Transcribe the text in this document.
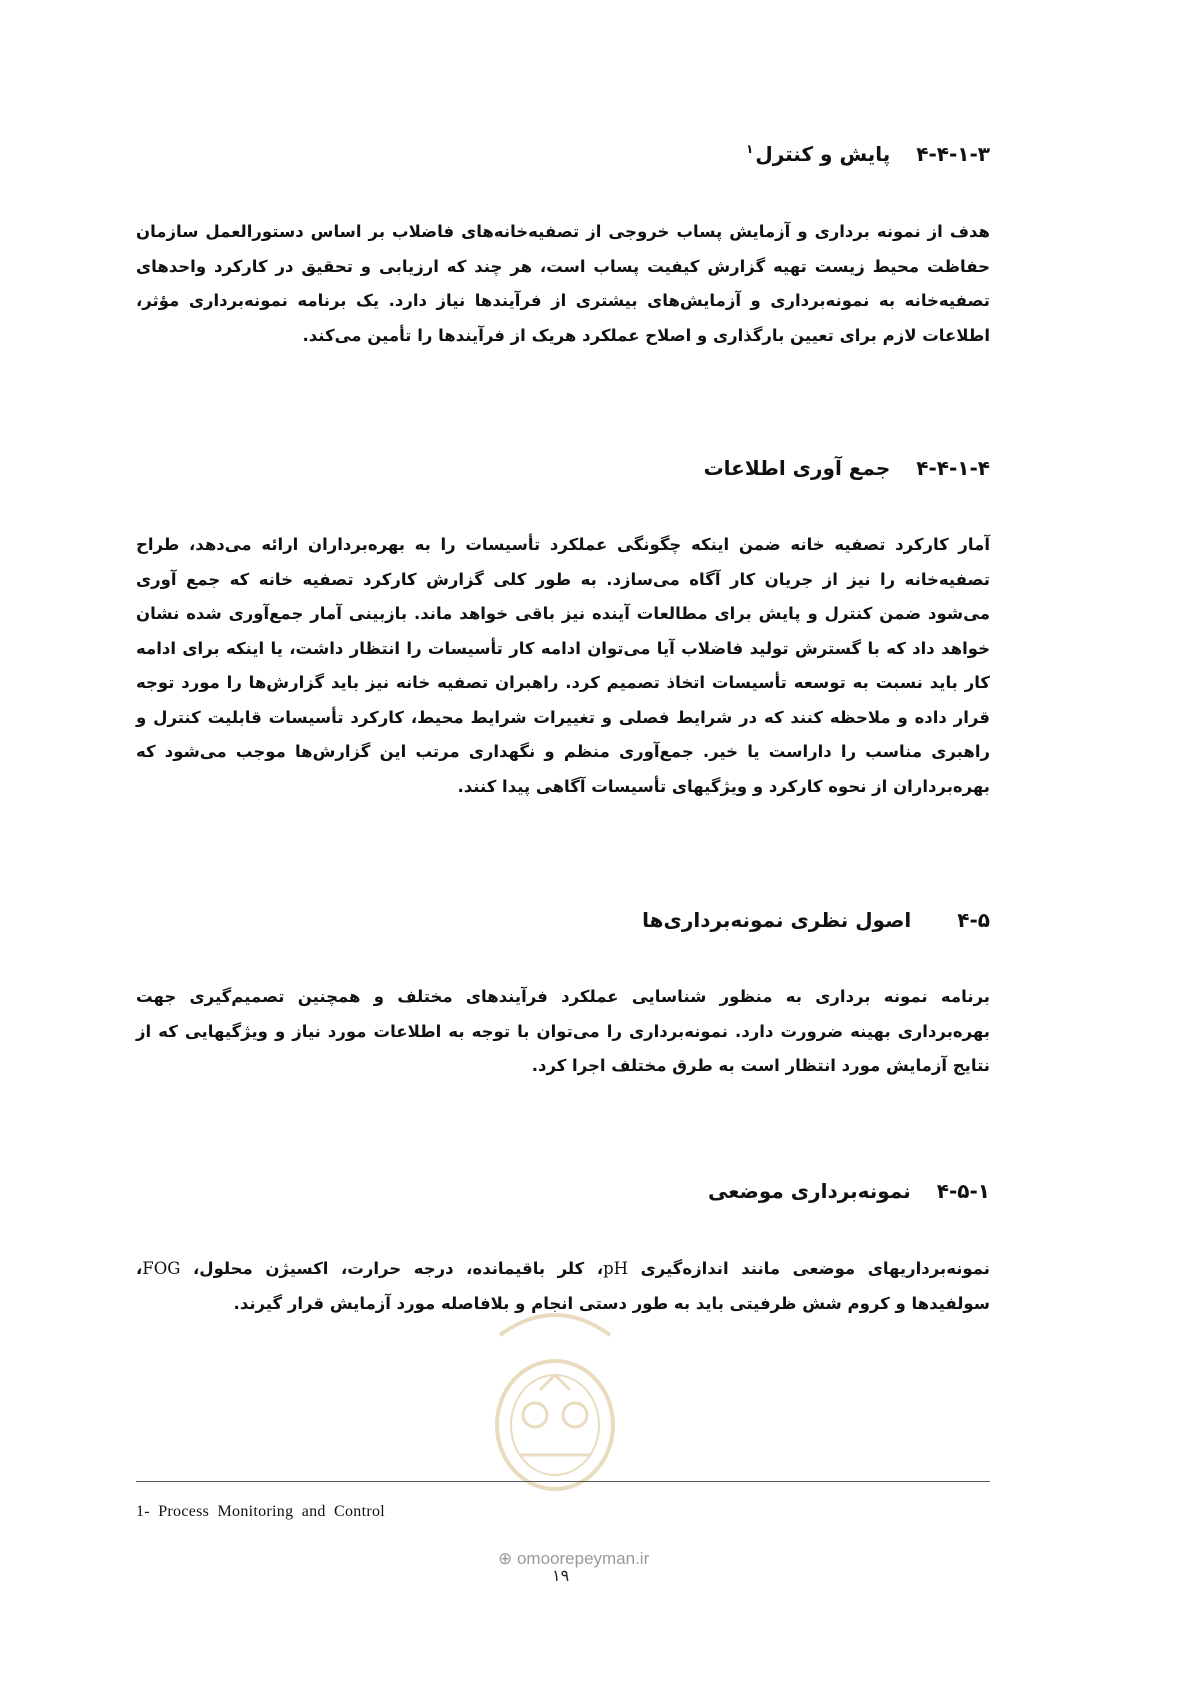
۴-۴-۱-۳پایش و کنترل$^۱$

هدف از نمونه برداری و آزمایش پساب خروجی از تصفیه‌خانه‌های فاضلاب بر اساس دستورالعمل سازمان حفاظت محیط زیست تهیه گزارش کیفیت پساب است، هر چند که ارزیابی و تحقیق در کارکرد واحدهای تصفیه‌خانه به نمونه‌برداری و آزمایش‌های بیشتری از فرآیندها نیاز دارد. یک برنامه نمونه‌برداری مؤثر، اطلاعات لازم برای تعیین بارگذاری و اصلاح عملکرد هریک از فرآیندها را تأمین می‌کند.

۴-۴-۱-۴جمع آوری اطلاعات

آمار کارکرد تصفیه خانه ضمن اینکه چگونگی عملکرد تأسیسات را به بهره‌برداران ارائه می‌دهد، طراح تصفیه‌خانه را نیز از جریان کار آگاه می‌سازد. به طور کلی گزارش کارکرد تصفیه خانه که جمع آوری می‌شود ضمن کنترل و پایش برای مطالعات آینده نیز باقی خواهد ماند. بازبینی آمار جمع‌آوری شده نشان خواهد داد که با گسترش تولید فاضلاب آیا می‌توان ادامه کار تأسیسات را انتظار داشت، یا اینکه برای ادامه کار باید نسبت به توسعه تأسیسات اتخاذ تصمیم کرد. راهبران تصفیه خانه نیز باید گزارش‌ها را مورد توجه قرار داده و ملاحظه کنند که در شرایط فصلی و تغییرات شرایط محیط، کارکرد تأسیسات قابلیت کنترل و راهبری مناسب را داراست یا خیر. جمع‌آوری منظم و نگهداری مرتب این گزارش‌ها موجب می‌شود که بهره‌برداران از نحوه کارکرد و ویژگیهای تأسیسات آگاهی پیدا کنند.

۴-۵اصول نظری نمونه‌برداری‌ها

برنامه نمونه برداری به منظور شناسایی عملکرد فرآیندهای مختلف و همچنین تصمیم‌گیری جهت بهره‌برداری بهینه ضرورت دارد. نمونه‌برداری را می‌توان با توجه به اطلاعات مورد نیاز و ویژگیهایی که از نتایج آزمایش مورد انتظار است به طرق مختلف اجرا کرد.

۴-۵-۱نمونه‌برداری موضعی

نمونه‌برداریهای موضعی مانند اندازه‌گیری pH، کلر باقیمانده، درجه حرارت، اکسیژن محلول، FOG، سولفیدها و کروم شش ظرفیتی باید به طور دستی انجام و بلافاصله مورد آزمایش قرار گیرند.

1- Process Monitoring and Control
⊕ omoorepeyman.ir
۱۹
